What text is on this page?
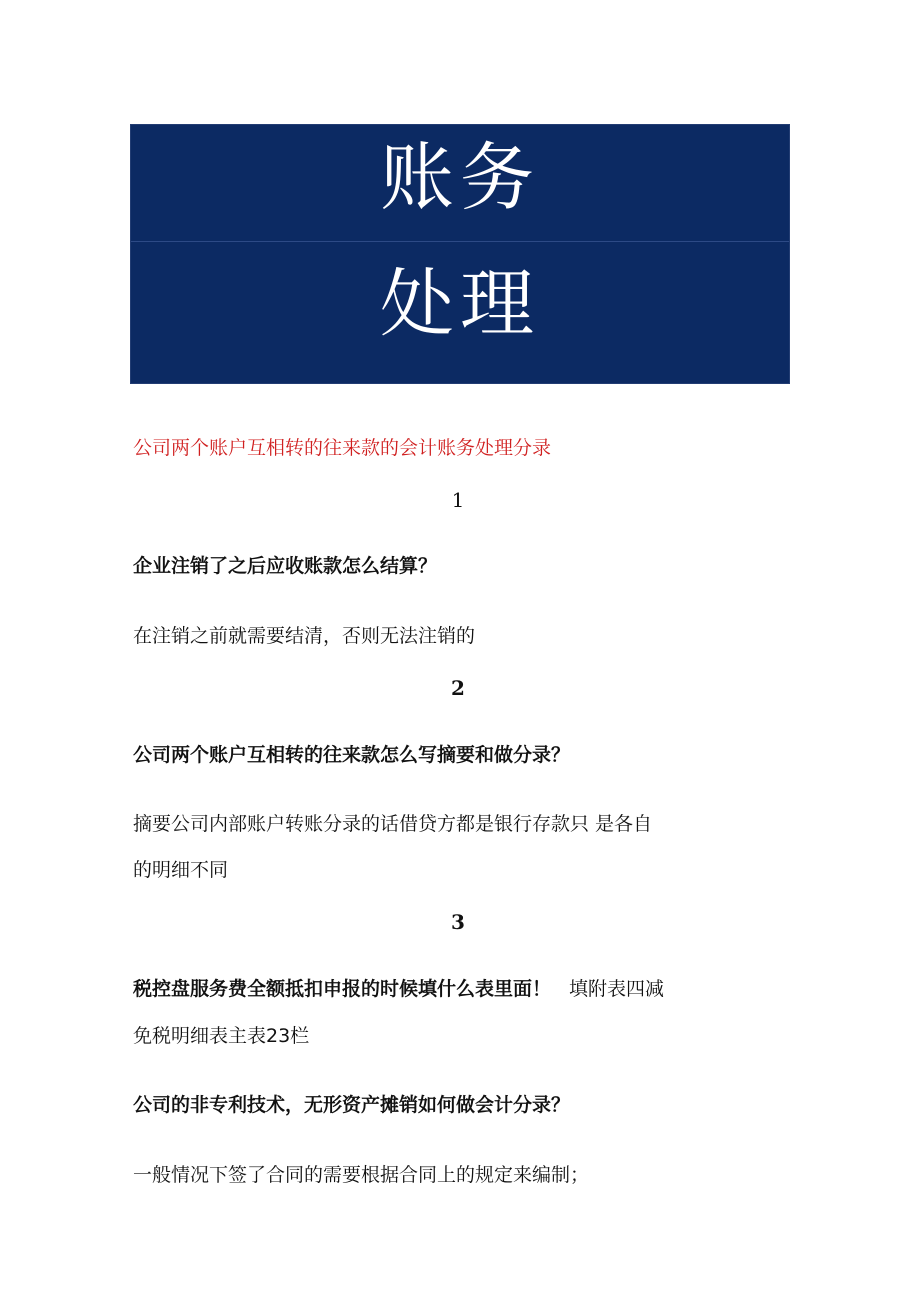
账务
处理
公司两个账户互相转的往来款的会计账务处理分录
1
企业注销了之后应收账款怎么结算？
在注销之前就需要结清，否则无法注销的
2
公司两个账户互相转的往来款怎么写摘要和做分录？
摘要公司内部账户转账分录的话借贷方都是银行存款只 是各自
的明细不同
3
税控盘服务费全额抵扣申报的时候填什么表里面！ 填附表四减
免税明细表主表23栏
公司的非专利技术，无形资产摊销如何做会计分录？
一般情况下签了合同的需要根据合同上的规定来编制；
